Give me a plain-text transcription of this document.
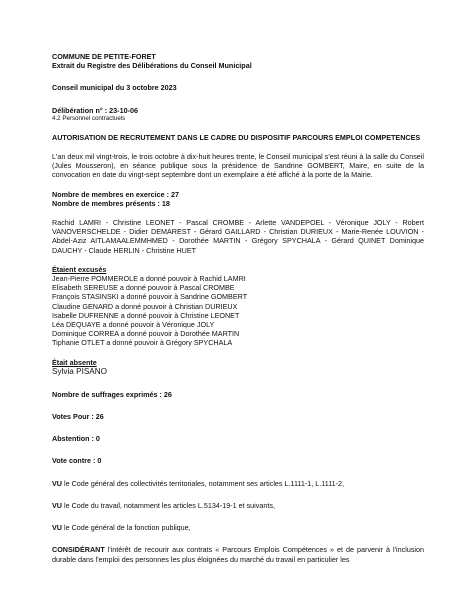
COMMUNE DE PETITE-FORET

Extrait du Registre des Délibérations du Conseil Municipal

Conseil municipal du 3 octobre 2023

Délibération n° : 23-10-06

4.2 Personnel contractuels

AUTORISATION DE RECRUTEMENT DANS LE CADRE DU DISPOSITIF PARCOURS EMPLOI COMPETENCES

L'an deux mil vingt-trois, le trois octobre à dix-huit heures trente, le Conseil municipal s'est réuni à la salle du Conseil (Jules Mousseron), en séance publique sous la présidence de Sandrine GOMBERT, Maire, en suite de la convocation en date du vingt-sept septembre dont un exemplaire a été affiché à la porte de la Mairie.

Nombre de membres en exercice : 27

Nombre de membres présents : 18

Rachid LAMRI - Christine LEONET - Pascal CROMBE - Arlette VANDEPOEL - Véronique JOLY - Robert VANOVERSCHELDE - Didier DEMAREST - Gérard GAILLARD - Christian DURIEUX - Marie-Renée LOUVION - Abdel-Aziz AITLAMAALEMMHMED - Dorothée MARTIN - Grégory SPYCHALA - Gérard QUINET Dominique DAUCHY - Claude HERLIN - Christine HUET

Étaient excusés

Jean-Pierre POMMEROLE a donné pouvoir à Rachid LAMRI
Elisabeth SEREUSE a donné pouvoir à Pascal CROMBE
François STASINSKI a donné pouvoir à Sandrine GOMBERT
Claudine GENARD a donné pouvoir à Christian DURIEUX
Isabelle DUFRENNE a donné pouvoir à Christine LEONET
Léa DEQUAYE a donné pouvoir à Véronique JOLY
Dominique CORREA a donné pouvoir à Dorothée MARTIN
Tiphanie OTLET a donné pouvoir à Grégory SPYCHALA

Était absente

Sylvia PISANO

Nombre de suffrages exprimés : 26

Votes Pour : 26

Abstention : 0

Vote contre : 0

VU le Code général des collectivités territoriales, notamment ses articles L.1111-1, L.1111-2,

VU le Code du travail, notamment les articles L.5134-19-1 et suivants,

VU le Code général de la fonction publique,

CONSIDÉRANT l'intérêt de recourir aux contrats « Parcours Emplois Compétences » et de parvenir à l'inclusion durable dans l'emploi des personnes les plus éloignées du marché du travail en particulier les
